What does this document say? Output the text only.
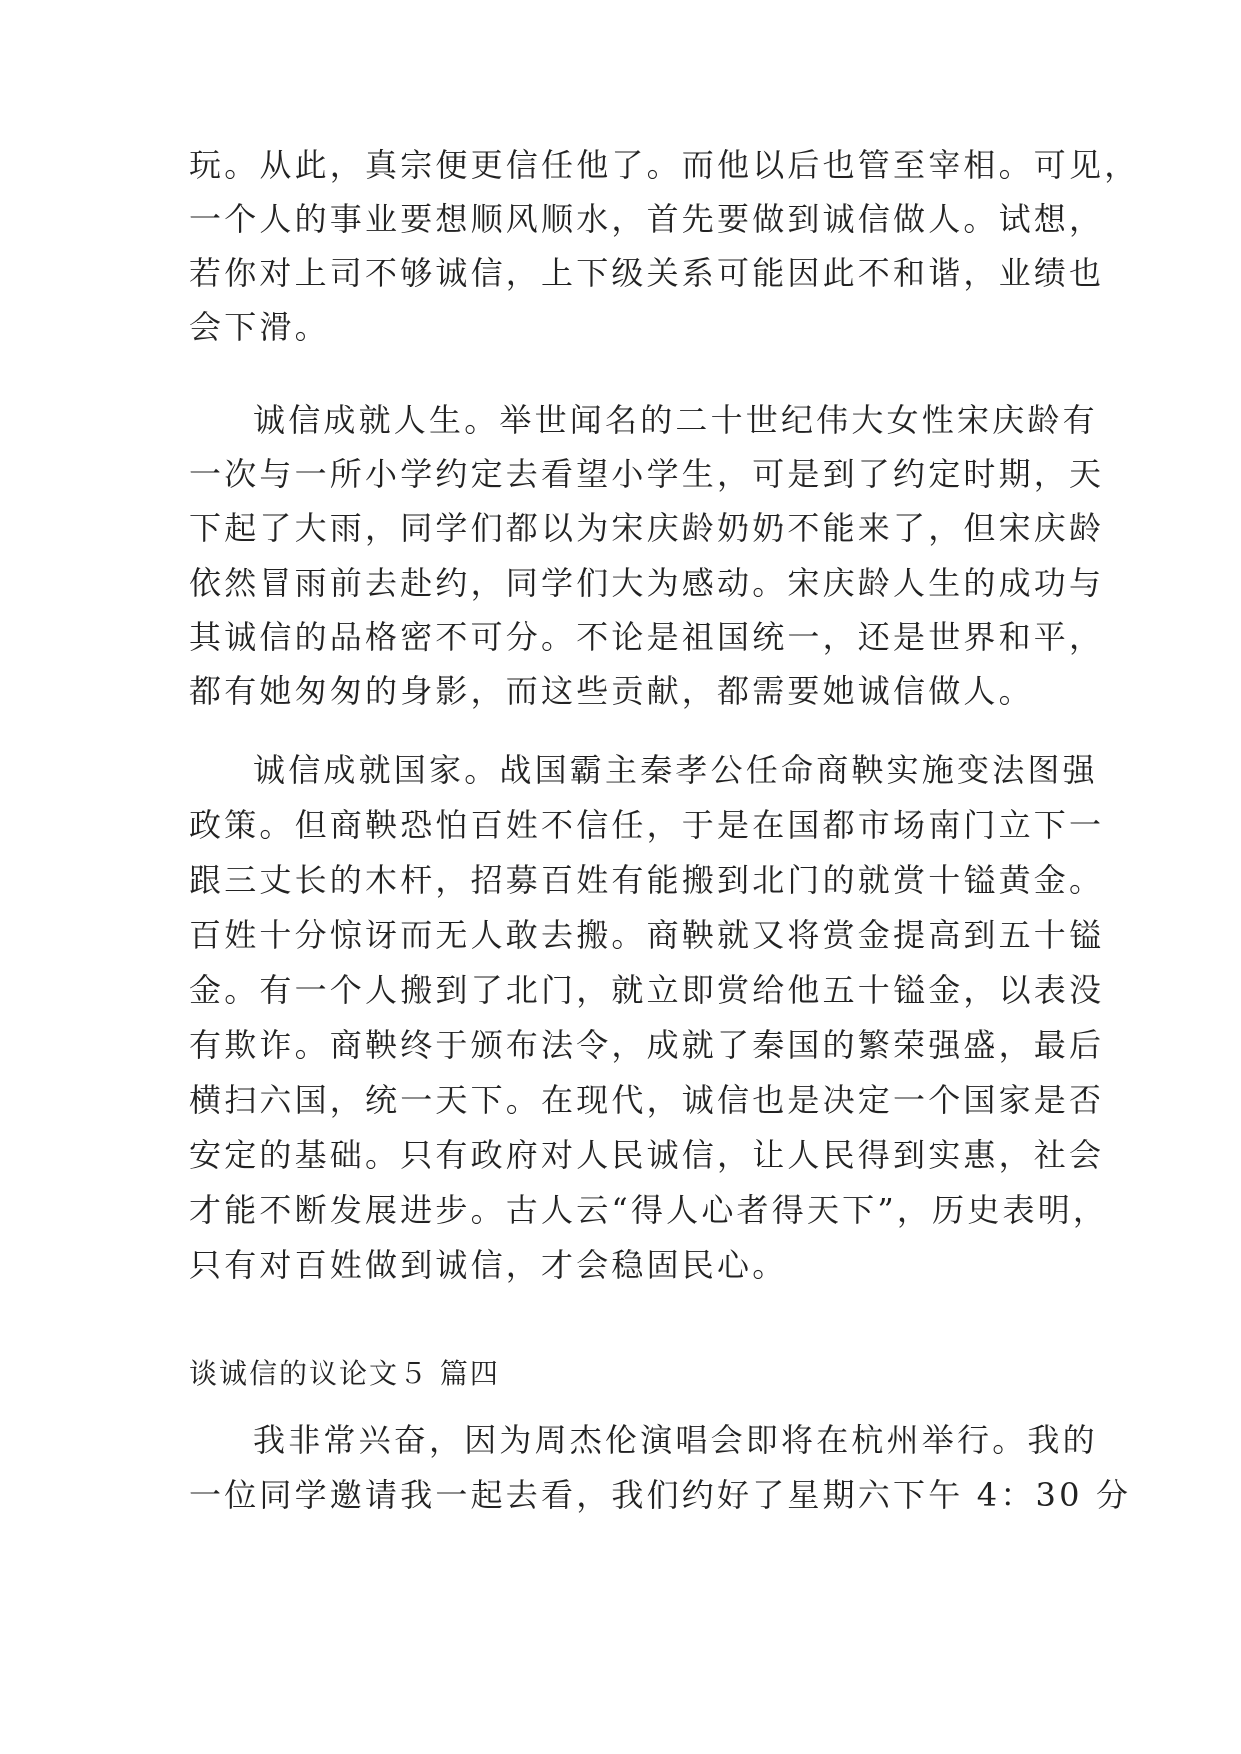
玩。从此，真宗便更信任他了。而他以后也管至宰相。可见，
一个人的事业要想顺风顺水，首先要做到诚信做人。试想，
若你对上司不够诚信，上下级关系可能因此不和谐，业绩也
会下滑。
诚信成就人生。举世闻名的二十世纪伟大女性宋庆龄有
一次与一所小学约定去看望小学生，可是到了约定时期，天
下起了大雨，同学们都以为宋庆龄奶奶不能来了，但宋庆龄
依然冒雨前去赴约，同学们大为感动。宋庆龄人生的成功与
其诚信的品格密不可分。不论是祖国统一，还是世界和平，
都有她匆匆的身影，而这些贡献，都需要她诚信做人。
诚信成就国家。战国霸主秦孝公任命商鞅实施变法图强
政策。但商鞅恐怕百姓不信任，于是在国都市场南门立下一
跟三丈长的木杆，招募百姓有能搬到北门的就赏十镒黄金。
百姓十分惊讶而无人敢去搬。商鞅就又将赏金提高到五十镒
金。有一个人搬到了北门，就立即赏给他五十镒金，以表没
有欺诈。商鞅终于颁布法令，成就了秦国的繁荣强盛，最后
横扫六国，统一天下。在现代，诚信也是决定一个国家是否
安定的基础。只有政府对人民诚信，让人民得到实惠，社会
才能不断发展进步。古人云“得人心者得天下”，历史表明，
只有对百姓做到诚信，才会稳固民心。
谈诚信的议论文５ 篇四
我非常兴奋，因为周杰伦演唱会即将在杭州举行。我的
一位同学邀请我一起去看，我们约好了星期六下午 4：30 分
